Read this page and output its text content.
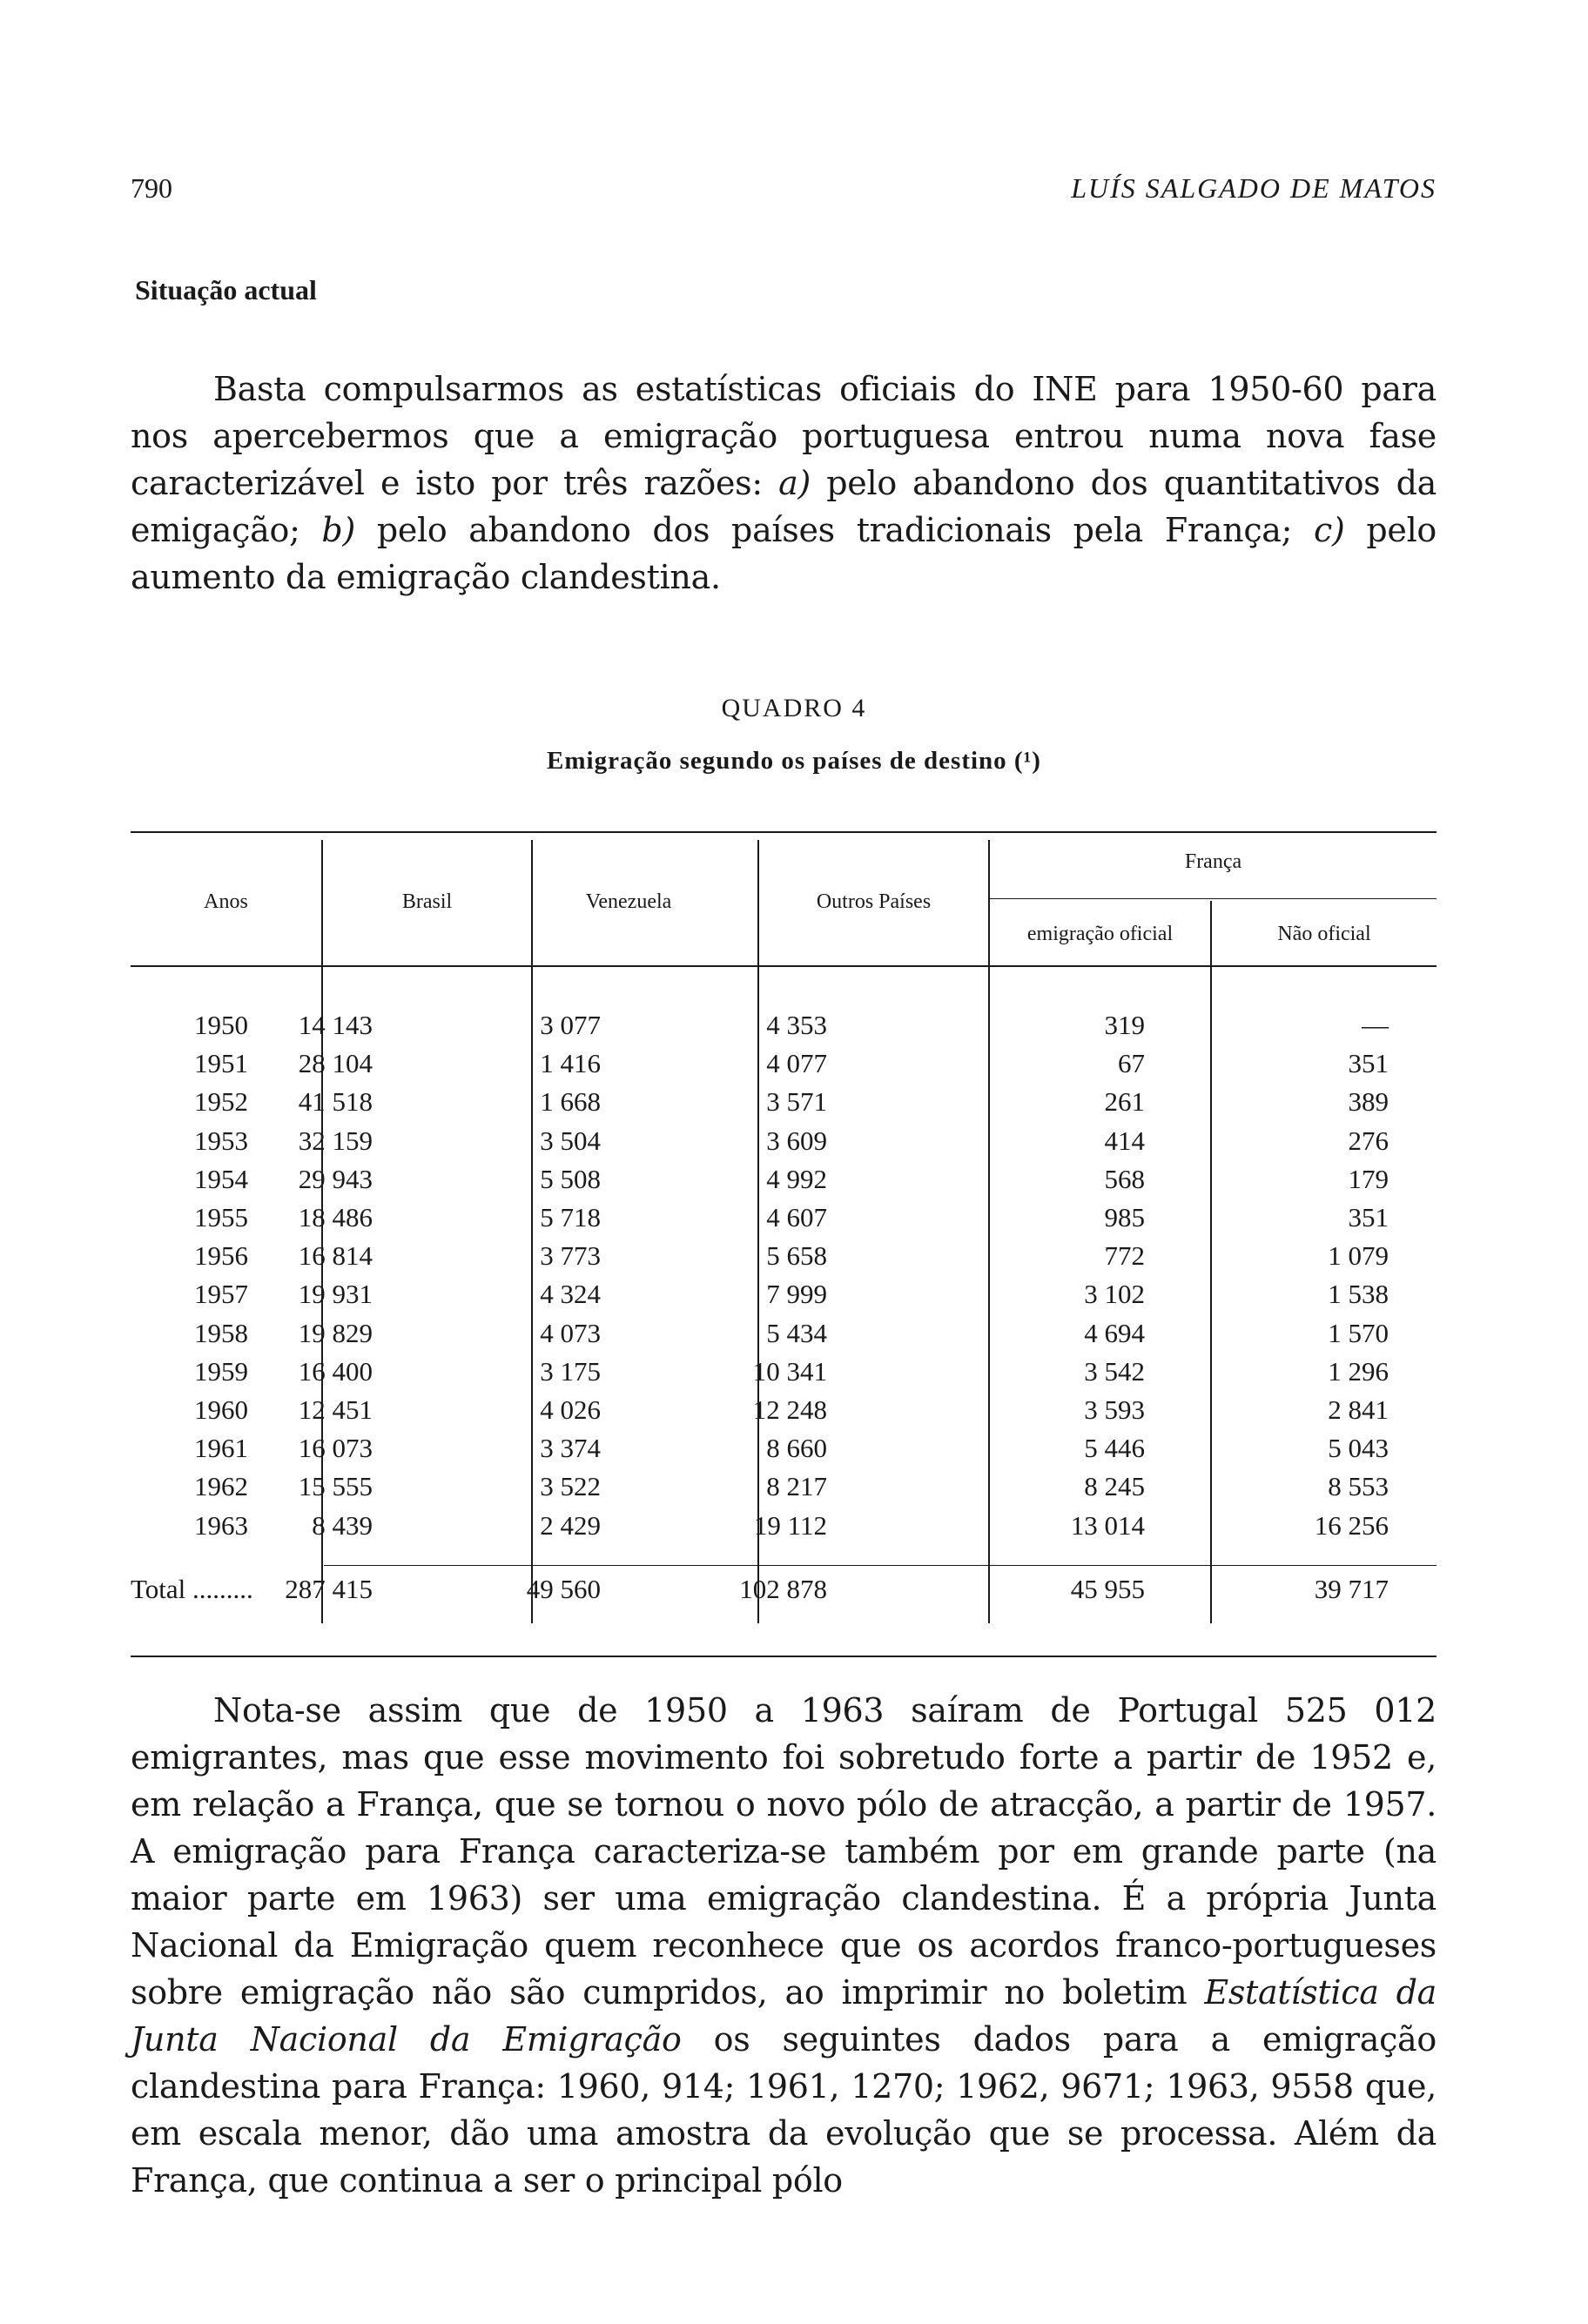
790	LUÍS SALGADO DE MATOS
Situação actual

Basta compulsarmos as estatísticas oficiais do INE para 1950-60 para nos apercebermos que a emigração portuguesa entrou numa nova fase caracterizável e isto por três razões: a) pelo abandono dos quantitativos da emigação; b) pelo abandono dos países tradicionais pela França; c) pelo aumento da emigração clandestina.

QUADRO 4
Emigração segundo os países de destino (¹)
Anos	Brasil	Venezuela	Outros Países
França
emigração oficial	Não oficial
1950 14 143	3 077	4 353	319	—
1951 28 104	1 416	4 077	67	351
1952 41 518	1 668	3 571	261	389
1953 32 159	3 504	3 609	414	276
1954 29 943	5 508	4 992	568	179
1955 18 486	5 718	4 607	985	351
1956 16 814	3 773	5 658	772	1 079
1957 19 931	4 324	7 999	3 102	1 538
1958 19 829	4 073	5 434	4 694	1 570
1959 16 400	3 175	10 341	3 542	1 296
1960 12 451	4 026	12 248	3 593	2 841
1961 16 073	3 374	8 660	5 446	5 043
1962 15 555	3 522	8 217	8 245	8 553
1963 8 439	2 429	19 112	13 014	16 256
Total ......... 287 415	49 560	102 878	45 955	39 717

Nota-se assim que de 1950 a 1963 saíram de Portugal 525 012 emigrantes, mas que esse movimento foi sobretudo forte a partir de 1952 e, em relação a França, que se tornou o novo pólo de atracção, a partir de 1957. A emigração para França caracteriza-se também por em grande parte (na maior parte em 1963) ser uma emigração clandestina. É a própria Junta Nacional da Emigração quem reconhece que os acordos franco-portugueses sobre emigração não são cumpridos, ao imprimir no boletim Estatística da Junta Nacional da Emigração os seguintes dados para a emigração clandestina para França: 1960, 914; 1961, 1270; 1962, 9671; 1963, 9558 que, em escala menor, dão uma amostra da evolução que se processa. Além da França, que continua a ser o principal pólo
